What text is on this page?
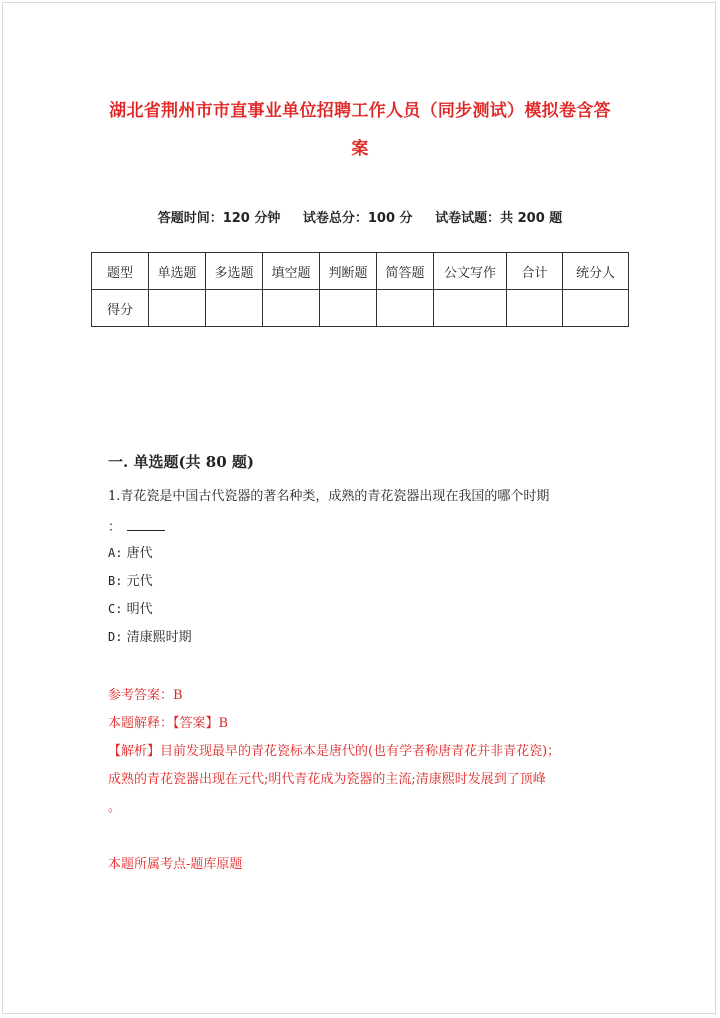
湖北省荆州市市直事业单位招聘工作人员（同步测试）模拟卷含答
案
答题时间：120 分钟 试卷总分：100 分 试卷试题：共 200 题
题型	单选题	多选题	填空题	判断题	简答题	公文写作	合计	统分人
得分								
一. 单选题(共 80 题)
1.青花瓷是中国古代瓷器的著名种类，成熟的青花瓷器出现在我国的哪个时期
：
A: 唐代
B: 元代
C: 明代
D: 清康熙时期
参考答案：B
本题解释：【答案】B
【解析】目前发现最早的青花瓷标本是唐代的(也有学者称唐青花并非青花瓷)；
成熟的青花瓷器出现在元代;明代青花成为瓷器的主流;清康熙时发展到了顶峰
。
本题所属考点-题库原题
